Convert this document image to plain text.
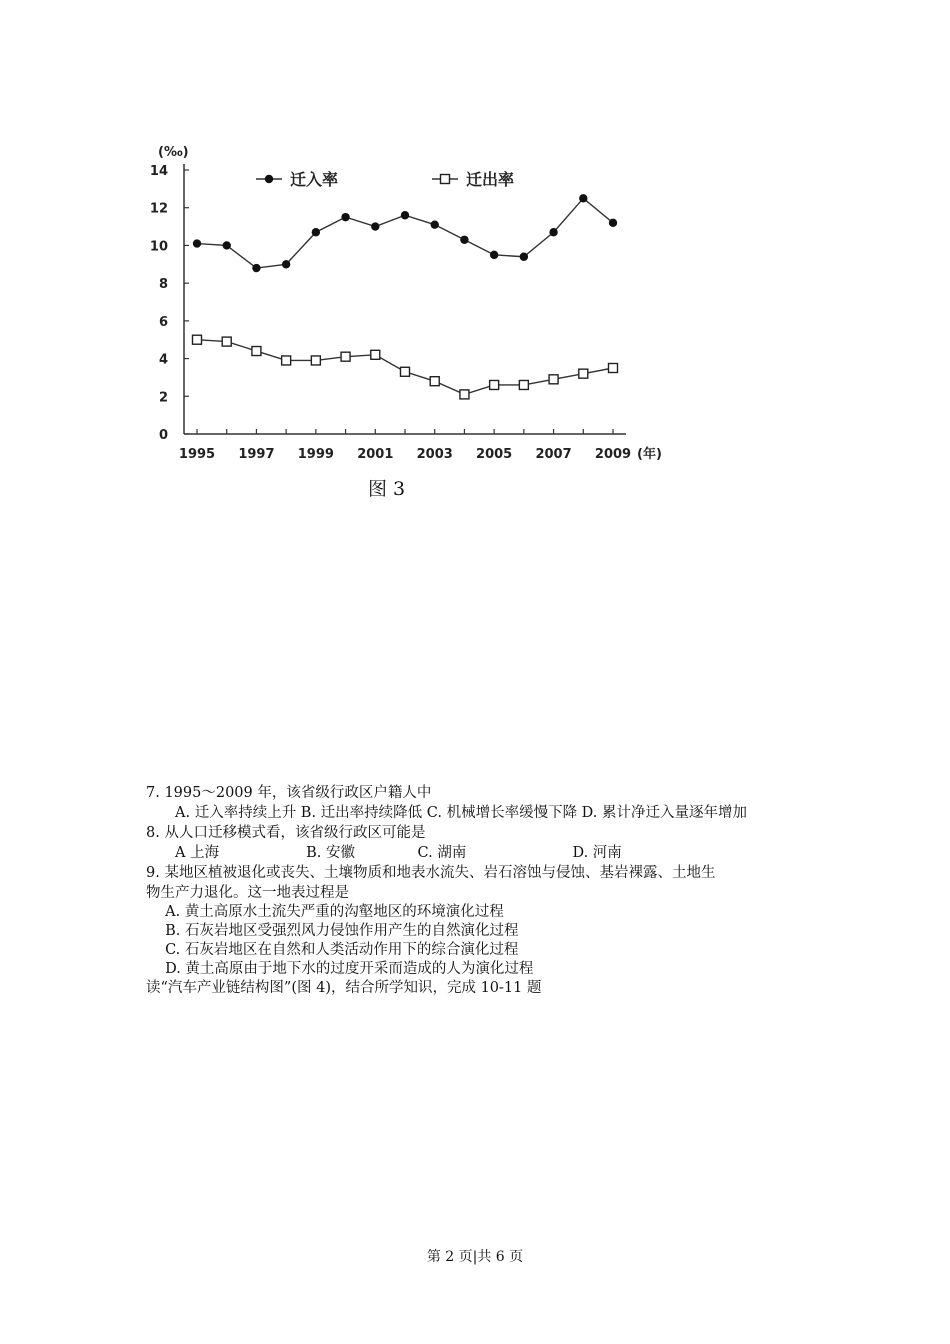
0
2
4
6
8
10
12
14
1995 1997 1999 2001 2003 2005 2007 2009 (年)
(‰)
迁入率	迁出率
图 3
7. 1995～2009 年，该省级行政区户籍人中
　　A. 迁入率持续上升 B. 迁出率持续降低 C. 机械增长率缓慢下降 D. 累计净迁入量逐年增加
8. 从人口迁移模式看，该省级行政区可能是
　　A 上海　　　　　　B. 安徽　　　　 C. 湖南　　　　　　　 D. 河南
9. 某地区植被退化或丧失、土壤物质和地表水流失、岩石溶蚀与侵蚀、基岩裸露、土地生
物生产力退化。这一地表过程是
　 A. 黄土高原水土流失严重的沟壑地区的环境演化过程
　 B. 石灰岩地区受强烈风力侵蚀作用产生的自然演化过程
　 C. 石灰岩地区在自然和人类活动作用下的综合演化过程
　 D. 黄土高原由于地下水的过度开采而造成的人为演化过程
读“汽车产业链结构图”(图 4)，结合所学知识，完成 10-11 题
第 2 页|共 6 页
